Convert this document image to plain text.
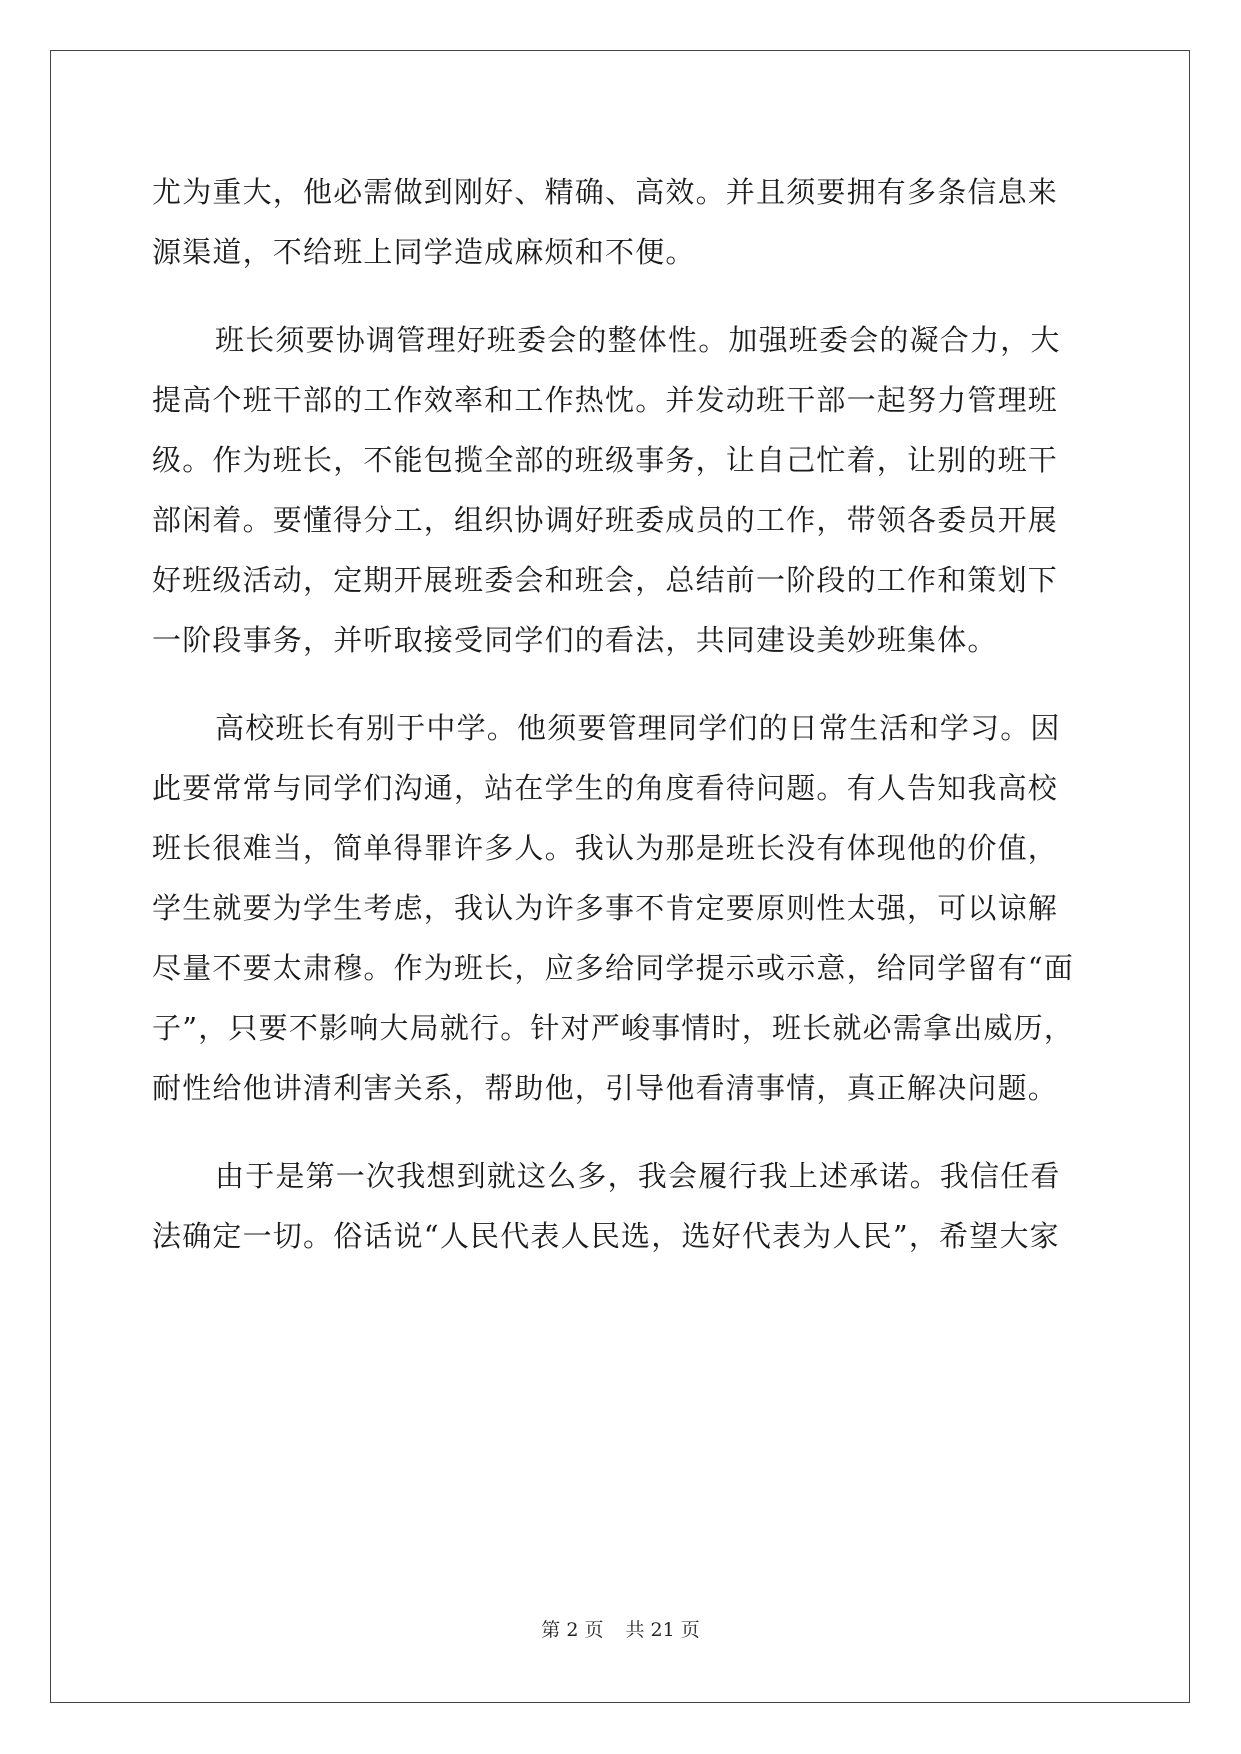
尤为重大，他必需做到刚好、精确、高效。并且须要拥有多条信息来
源渠道，不给班上同学造成麻烦和不便。
班长须要协调管理好班委会的整体性。加强班委会的凝合力，大
提高个班干部的工作效率和工作热忱。并发动班干部一起努力管理班
级。作为班长，不能包揽全部的班级事务，让自己忙着，让别的班干
部闲着。要懂得分工，组织协调好班委成员的工作，带领各委员开展
好班级活动，定期开展班委会和班会，总结前一阶段的工作和策划下
一阶段事务，并听取接受同学们的看法，共同建设美妙班集体。
高校班长有别于中学。他须要管理同学们的日常生活和学习。因
此要常常与同学们沟通，站在学生的角度看待问题。有人告知我高校
班长很难当，简单得罪许多人。我认为那是班长没有体现他的价值，
学生就要为学生考虑，我认为许多事不肯定要原则性太强，可以谅解
尽量不要太肃穆。作为班长，应多给同学提示或示意，给同学留有“面
子”，只要不影响大局就行。针对严峻事情时，班长就必需拿出威历，
耐性给他讲清利害关系，帮助他，引导他看清事情，真正解决问题。
由于是第一次我想到就这么多，我会履行我上述承诺。我信任看
法确定一切。俗话说“人民代表人民选，选好代表为人民”，希望大家
第 2 页 共 21 页
